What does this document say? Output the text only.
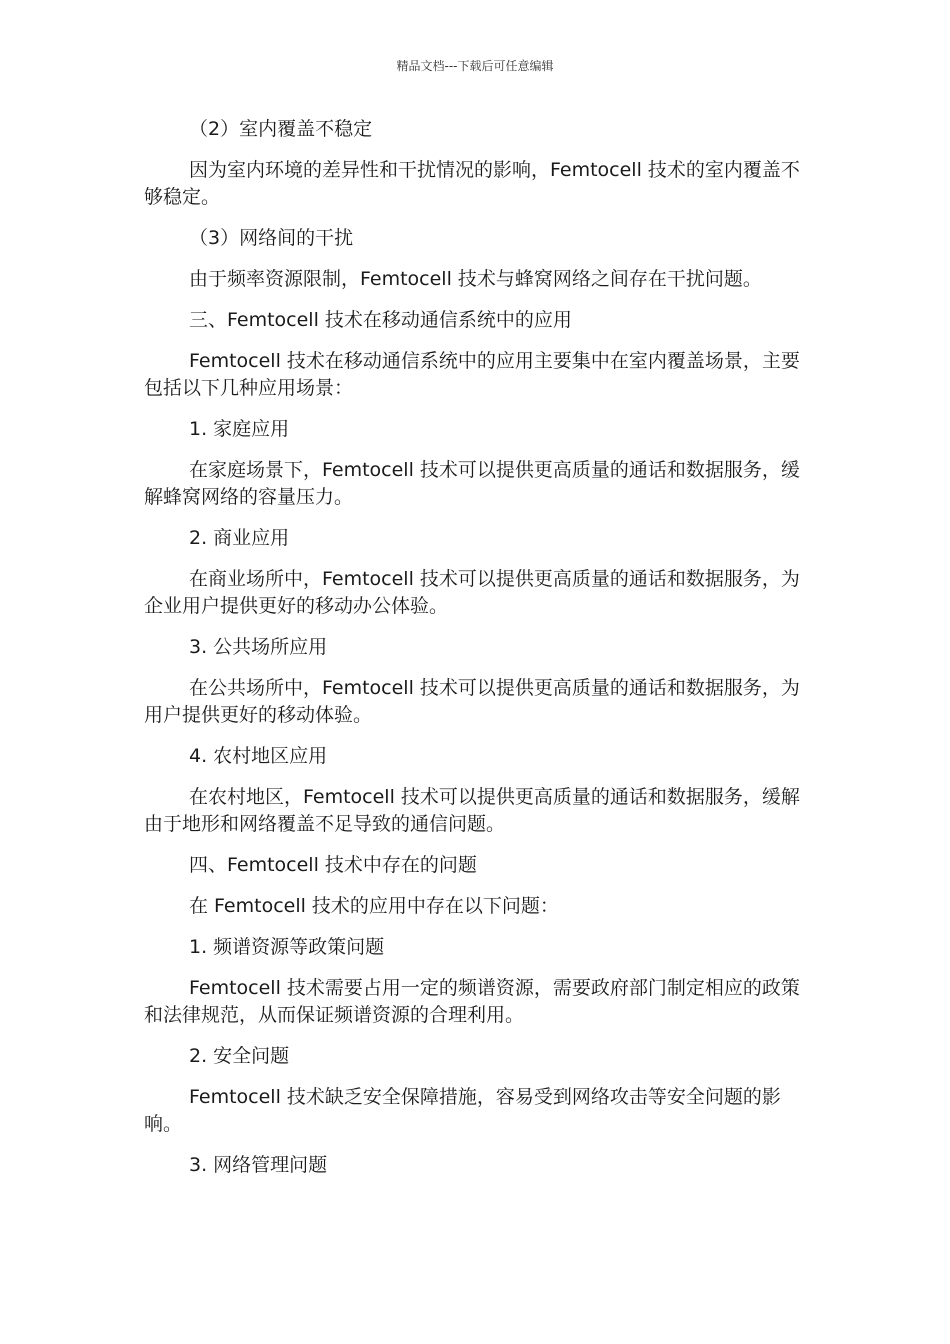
精品文档---下载后可任意编辑
（2）室内覆盖不稳定
因为室内环境的差异性和干扰情况的影响，Femtocell 技术的室内覆盖不够稳定。
（3）网络间的干扰
由于频率资源限制，Femtocell 技术与蜂窝网络之间存在干扰问题。
三、Femtocell 技术在移动通信系统中的应用
Femtocell 技术在移动通信系统中的应用主要集中在室内覆盖场景，主要包括以下几种应用场景：
1. 家庭应用
在家庭场景下，Femtocell 技术可以提供更高质量的通话和数据服务，缓解蜂窝网络的容量压力。
2. 商业应用
在商业场所中，Femtocell 技术可以提供更高质量的通话和数据服务，为企业用户提供更好的移动办公体验。
3. 公共场所应用
在公共场所中，Femtocell 技术可以提供更高质量的通话和数据服务，为用户提供更好的移动体验。
4. 农村地区应用
在农村地区，Femtocell 技术可以提供更高质量的通话和数据服务，缓解由于地形和网络覆盖不足导致的通信问题。
四、Femtocell 技术中存在的问题
在 Femtocell 技术的应用中存在以下问题：
1. 频谱资源等政策问题
Femtocell 技术需要占用一定的频谱资源，需要政府部门制定相应的政策和法律规范，从而保证频谱资源的合理利用。
2. 安全问题
Femtocell 技术缺乏安全保障措施，容易受到网络攻击等安全问题的影响。
3. 网络管理问题
